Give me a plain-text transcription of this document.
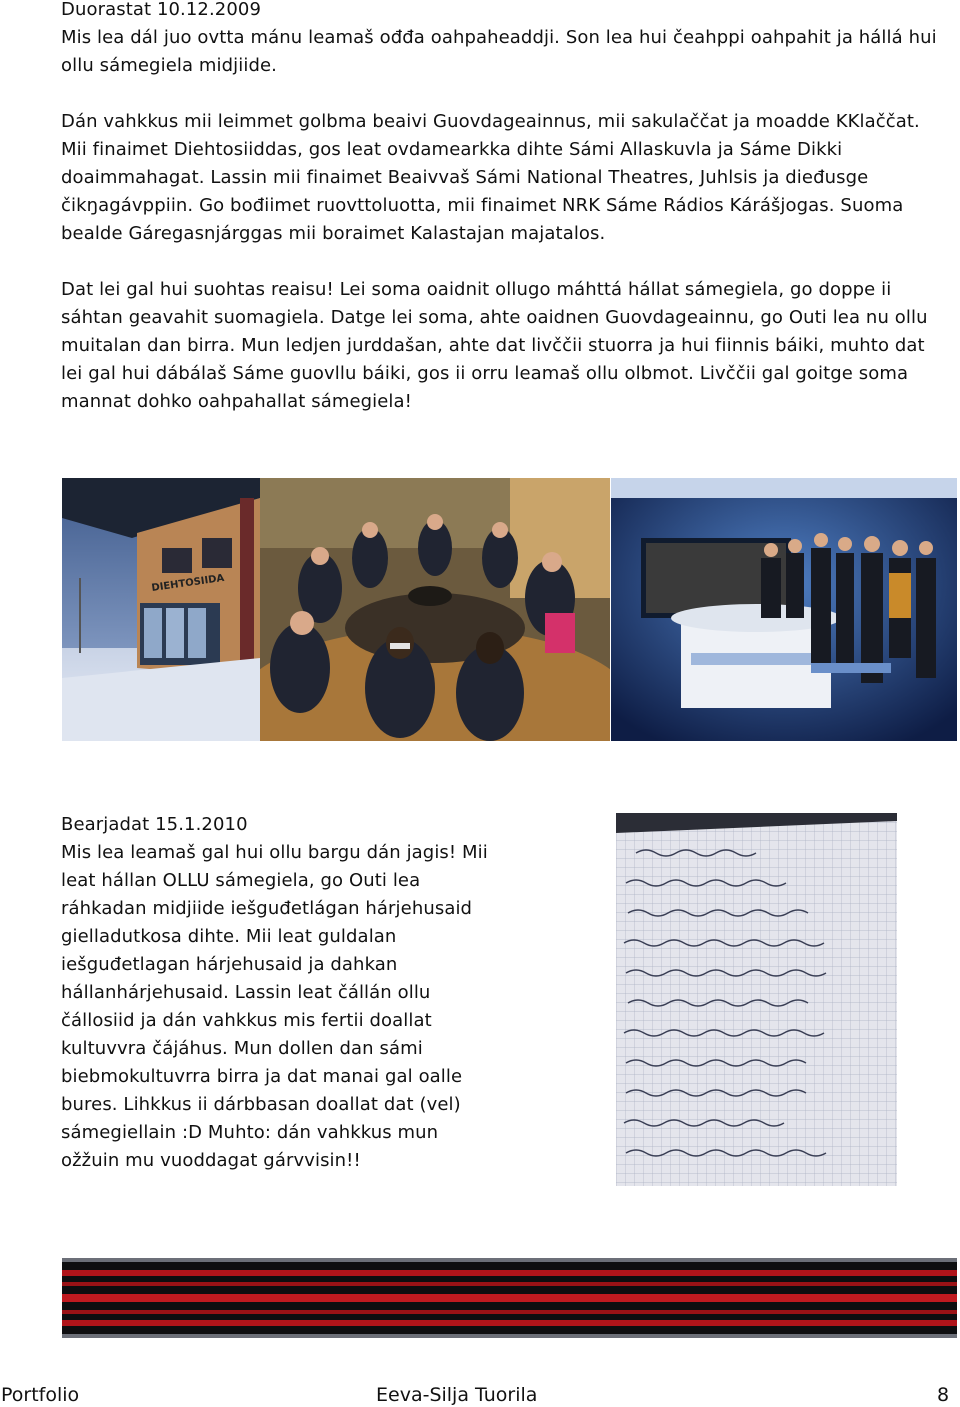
Duorastat 10.12.2009

Mis lea dál juo ovtta mánu leamaš ođđa oahpaheaddji. Son lea hui čeahppi oahpahit ja hállá hui
ollu sámegiela midjiide.

Dán vahkkus mii leimmet golbma beaivi Guovdageainnus, mii sakulaččat ja moadde KKlaččat.
Mii finaimet Diehtosiiddas, gos leat ovdamearkka dihte Sámi Allaskuvla ja Sáme Dikki
doaimmahagat. Lassin mii finaimet Beaivvaš Sámi National Theatres, Juhlsis ja dieđusge
čikŋagávppiin. Go bođiimet ruovttoluotta, mii finaimet NRK Sáme Rádios Kárášjogas. Suoma
bealde Gáregasnjárggas mii boraimet Kalastajan majatalos.

Dat lei gal hui suohtas reaisu! Lei soma oaidnit ollugo máhttá hállat sámegiela, go doppe ii
sáhtan geavahit suomagiela. Datge lei soma, ahte oaidnen Guovdageainnu, go Outi lea nu ollu
muitalan dan birra. Mun ledjen jurddašan, ahte dat livččii stuorra ja hui fiinnis báiki, muhto dat
lei gal hui dábálaš Sáme guovllu báiki, gos ii orru leamaš ollu olbmot. Livččii gal goitge soma
mannat dohko oahpahallat sámegiela!

DIEHTOSIIDA

Bearjadat 15.1.2010

Mis lea leamaš gal hui ollu bargu dán jagis! Mii
leat hállan OLLU sámegiela, go Outi lea
ráhkadan midjiide iešguđetlágan hárjehusaid
gielladutkosa dihte. Mii leat guldalan
iešguđetlagan hárjehusaid ja dahkan
hállanhárjehusaid. Lassin leat čállán ollu
čállosiid ja dán vahkkus mis fertii doallat
kultuvvra čájáhus. Mun dollen dan sámi
biebmokultuvrra birra ja dat manai gal oalle
bures. Lihkkus ii dárbbasan doallat dat (vel)
sámegiellain :D Muhto: dán vahkkus mun
ožžuin mu vuoddagat gárvvisin!!

Portfolio	Eeva-Silja Tuorila	8
